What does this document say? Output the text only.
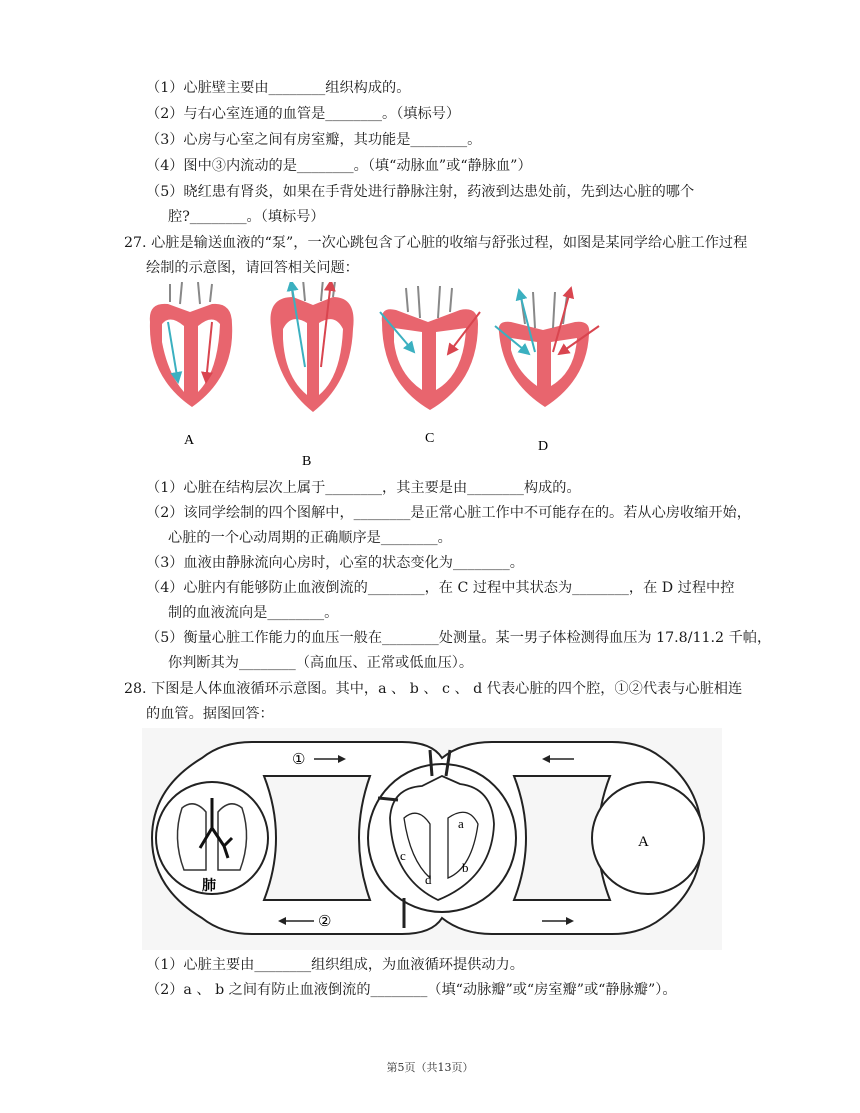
（1）心脏壁主要由________组织构成的。
（2）与右心室连通的血管是________。（填标号）
（3）心房与心室之间有房室瓣，其功能是________。
（4）图中③内流动的是________。（填“动脉血”或“静脉血”）
（5）晓红患有肾炎，如果在手背处进行静脉注射，药液到达患处前，先到达心脏的哪个
腔?________。（填标号）
27. 心脏是输送血液的“泵”，一次心跳包含了心脏的收缩与舒张过程，如图是某同学给心脏工作过程
绘制的示意图，请回答相关问题：
A
B
C
D
（1）心脏在结构层次上属于________，其主要是由________构成的。
（2）该同学绘制的四个图解中，________是正常心脏工作中不可能存在的。若从心房收缩开始，
心脏的一个心动周期的正确顺序是________。
（3）血液由静脉流向心房时，心室的状态变化为________。
（4）心脏内有能够防止血液倒流的________，在 C 过程中其状态为________，在 D 过程中控
制的血液流向是________。
（5）衡量心脏工作能力的血压一般在________处测量。某一男子体检测得血压为 17.8/11.2 千帕，
你判断其为________（高血压、正常或低血压）。
28. 下图是人体血液循环示意图。其中，a 、 b 、 c 、 d 代表心脏的四个腔，①②代表与心脏相连
的血管。据图回答：
肺
a
b
c
d
A
①
②
（1）心脏主要由________组织组成，为血液循环提供动力。
（2）a 、 b 之间有防止血液倒流的________（填“动脉瓣”或“房室瓣”或“静脉瓣”）。
第5页（共13页）
